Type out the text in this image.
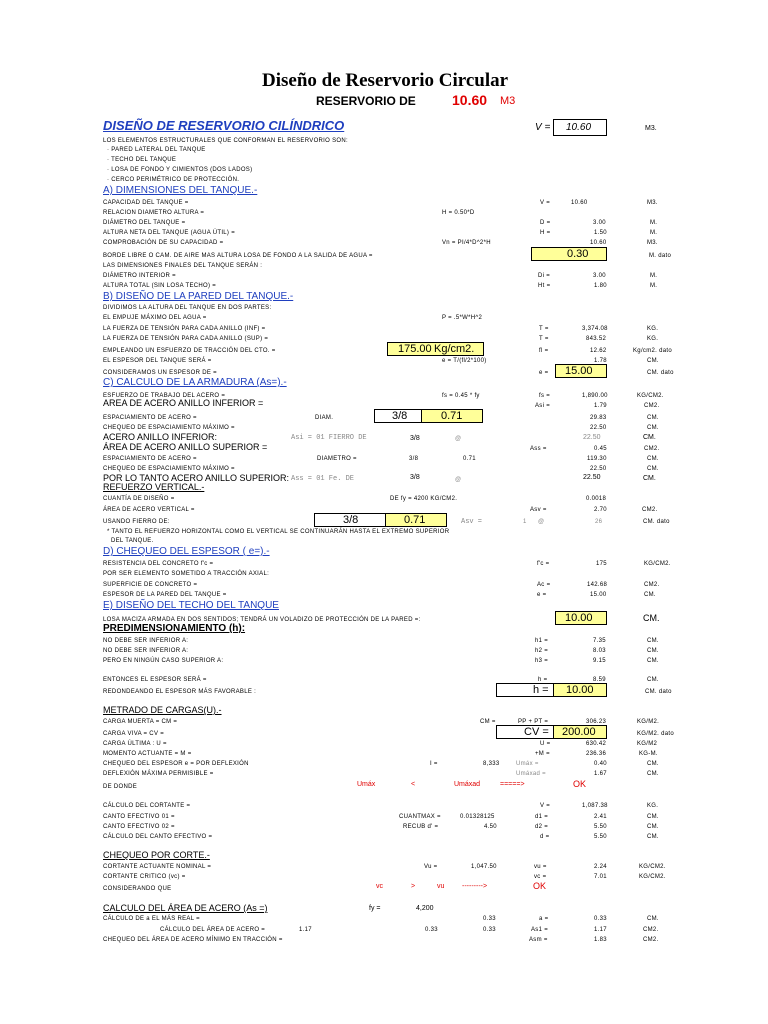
Diseño de Reservorio Circular
RESERVORIO DE	10.60 M3
DISEÑO DE RESERVORIO CILÍNDRICO	V = 10.60	M3.
LOS ELEMENTOS ESTRUCTURALES QUE CONFORMAN EL RESERVORIO SON:
· PARED LATERAL DEL TANQUE
· TECHO DEL TANQUE
· LOSA DE FONDO Y CIMIENTOS (DOS LADOS)
· CERCO PERIMÉTRICO DE PROTECCIÓN.
A) DIMENSIONES DEL TANQUE.-
CAPACIDAD DEL TANQUE =	V =	10.60	M3.
RELACION DIAMETRO ALTURA =	H = 0.50*D
DIÁMETRO DEL TANQUE =	D =	3.00	M.
ALTURA NETA DEL TANQUE (AGUA ÚTIL) =	H =	1.50	M.
COMPROBACIÓN DE SU CAPACIDAD =	Vn = PI/4*D^2*H	10.60	M3.
BORDE LIBRE O CAM. DE AIRE MAS ALTURA LOSA DE FONDO A LA SALIDA DE AGUA =	0.30	M. dato
LAS DIMENSIONES FINALES DEL TANQUE SERÁN :
DIÁMETRO INTERIOR =	Di =	3.00	M.
ALTURA TOTAL (SIN LOSA TECHO) =	Ht =	1.80	M.
B) DISEÑO DE LA PARED DEL TANQUE.-
DIVIDIMOS LA ALTURA DEL TANQUE EN DOS PARTES:
EL EMPUJE MÁXIMO DEL AGUA =	P = .5*W*H^2
LA FUERZA DE TENSIÓN PARA CADA ANILLO (INF) =	T =	3,374.08	KG.
LA FUERZA DE TENSIÓN PARA CADA ANILLO (SUP) =	T =	843.52	KG.
EMPLEANDO UN ESFUERZO DE TRACCIÓN DEL CTO. =	175.00 Kg/cm2.	fl =	12.62	Kg/cm2. dato
EL ESPESOR DEL TANQUE SERÁ =	e = T/(fl/2*100)	1.78	CM.
CONSIDERAMOS UN ESPESOR DE =	e = 15.00	CM. dato
C) CALCULO DE LA ARMADURA (As=).-
ESFUERZO DE TRABAJO DEL ACERO =	fs = 0.45 * fy	fs =	1,890.00	KG/CM2.
AREA DE ACERO ANILLO INFERIOR =	Asi =	1.79	CM2.
ESPACIAMIENTO DE ACERO =	DIAM.	3/8	0.71	29.83	CM.
CHEQUEO DE ESPACIAMIENTO MÁXIMO =	22.50	CM.
ACERO ANILLO INFERIOR:	Asi = 01 FIERRO DE	3/8	@	22.50	CM.
ÁREA DE ACERO ANILLO SUPERIOR =	Ass =	0.45	CM2.
ESPACIAMIENTO DE ACERO =	DIAMETRO =	3/8	0.71	119.30	CM.
CHEQUEO DE ESPACIAMIENTO MÁXIMO =	22.50	CM.
POR LO TANTO ACERO ANILLO SUPERIOR: Ass = 01 Fe. DE	3/8	@	22.50	CM.
REFUERZO VERTICAL.-
CUANTÍA DE DISEÑO =	DE fy = 4200 KG/CM2.	0.0018
ÁREA DE ACERO VERTICAL =	Asv =	2.70	CM2.
USANDO FIERRO DE:	3/8	0.71	Asv =	1 @	26	CM. dato
* TANTO EL REFUERZO HORIZONTAL COMO EL VERTICAL SE CONTINUARÁN HASTA EL EXTREMO SUPERIOR
DEL TANQUE.
D) CHEQUEO DEL ESPESOR ( e=).-
RESISTENCIA DEL CONCRETO f'c =	f'c =	175	KG/CM2.
POR SER ELEMENTO SOMETIDO A TRACCIÓN AXIAL:
SUPERFICIE DE CONCRETO =	Ac =	142.68	CM2.
ESPESOR DE LA PARED DEL TANQUE =	e =	15.00	CM.
E) DISEÑO DEL TECHO DEL TANQUE
LOSA MACIZA ARMADA EN DOS SENTIDOS; TENDRÁ UN VOLADIZO DE PROTECCIÓN DE LA PARED =:	10.00	CM.
PREDIMENSIONAMIENTO (h):
NO DEBE SER INFERIOR A:	h1 =	7.35	CM.
NO DEBE SER INFERIOR A:	h2 =	8.03	CM.
PERO EN NINGÚN CASO SUPERIOR A:	h3 =	9.15	CM.
ENTONCES EL ESPESOR SERÁ =	h =	8.59	CM.
REDONDEANDO EL ESPESOR MÁS FAVORABLE :	h = 10.00	CM. dato
METRADO DE CARGAS(U).-
CARGA MUERTA = CM =	CM =	PP + PT =	306.23	KG/M2.
CARGA VIVA = CV =	CV = 200.00	KG/M2. dato
CARGA ÚLTIMA : U =	U =	630.42	KG/M2
MOMENTO ACTUANTE = M =	+M =	236.36	KG-M.
CHEQUEO DEL ESPESOR e = POR DEFLEXIÓN	I =	8,333	Umáx =	0.40	CM.
DEFLEXIÓN MÁXIMA PERMISIBLE =	Umáxad =	1.67	CM.
DE DONDE	Umáx	<	Umáxad	=====>	OK
CÁLCULO DEL CORTANTE =	V =	1,087.38	KG.
CANTO EFECTIVO 01 =	CUANTMAX =	0.01328125	d1 =	2.41	CM.
CANTO EFECTIVO 02 =	RECUB d' =	4.50	d2 =	5.50	CM.
CÁLCULO DEL CANTO EFECTIVO =	d =	5.50	CM.
CHEQUEO POR CORTE.-
CORTANTE ACTUANTE NOMINAL =	Vu =	1,047.50	vu =	2.24	KG/CM2.
CORTANTE CRITICO (vc) =	vc =	7.01	KG/CM2.
CONSIDERANDO QUE	vc	>	vu	--------->	OK
CALCULO DEL ÁREA DE ACERO (As =)	fy =	4,200
CÁLCULO DE a EL MÁS REAL =	0.33	a =	0.33	CM.
CÁLCULO DEL ÁREA DE ACERO =	1.17	0.33	0.33	As1 =	1.17	CM2.
CHEQUEO DEL ÁREA DE ACERO MÍNIMO EN TRACCIÓN =	Asm =	1.83	CM2.
